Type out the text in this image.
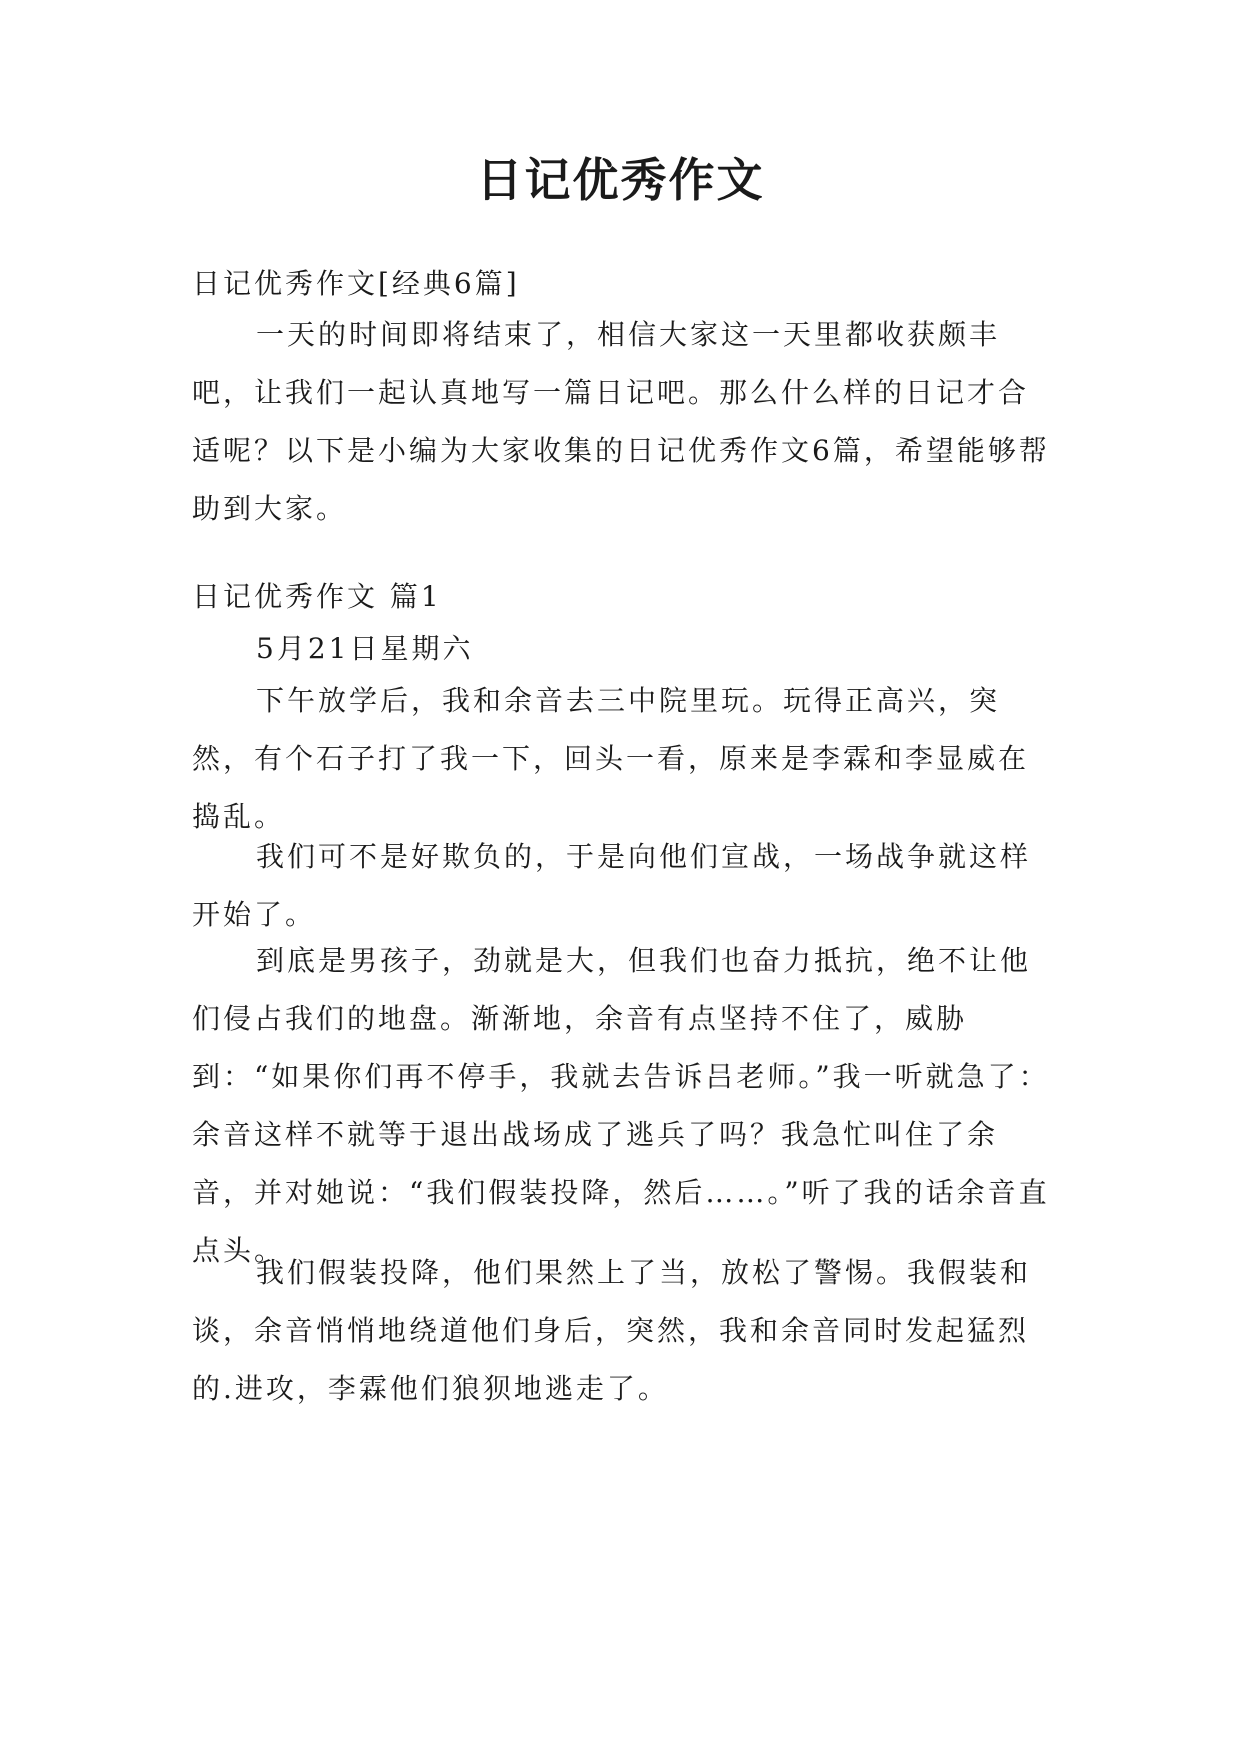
日记优秀作文

日记优秀作文[经典6篇]

一天的时间即将结束了，相信大家这一天里都收获颇丰吧，让我们一起认真地写一篇日记吧。那么什么样的日记才合适呢？以下是小编为大家收集的日记优秀作文6篇，希望能够帮助到大家。

日记优秀作文 篇1

5月21日星期六

下午放学后，我和余音去三中院里玩。玩得正高兴，突然，有个石子打了我一下，回头一看，原来是李霖和李显威在捣乱。

我们可不是好欺负的，于是向他们宣战，一场战争就这样开始了。

到底是男孩子，劲就是大，但我们也奋力抵抗，绝不让他们侵占我们的地盘。渐渐地，余音有点坚持不住了，威胁到：“如果你们再不停手，我就去告诉吕老师。”我一听就急了：余音这样不就等于退出战场成了逃兵了吗？我急忙叫住了余音，并对她说：“我们假装投降，然后……。”听了我的话余音直点头。

我们假装投降，他们果然上了当，放松了警惕。我假装和谈，余音悄悄地绕道他们身后，突然，我和余音同时发起猛烈的.进攻，李霖他们狼狈地逃走了。
